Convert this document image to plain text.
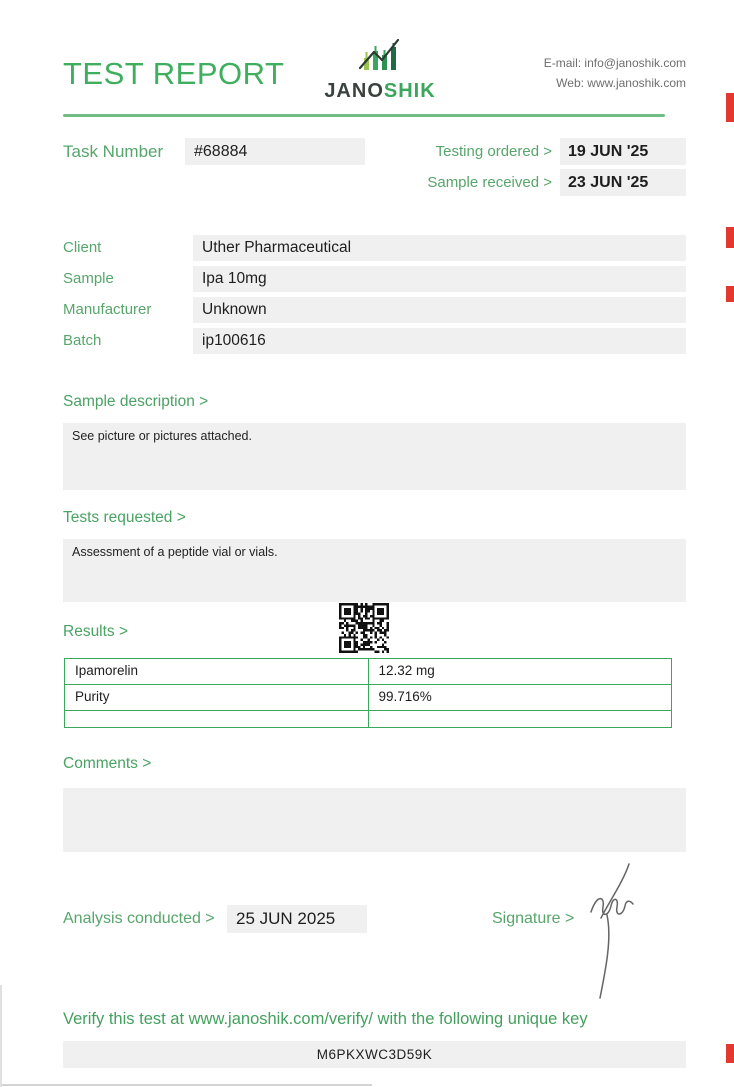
TEST REPORT JANOSHIK
E-mail: info@janoshik.com
Web: www.janoshik.com
Task Number	#68884	Testing ordered >	19 JUN '25
Sample received >	23 JUN '25
Client	Uther Pharmaceutical
Sample	Ipa 10mg
Manufacturer	Unknown
Batch	ip100616
Sample description >
See picture or pictures attached.
Tests requested >
Assessment of a peptide vial or vials.
Results >
Ipamorelin	12.32 mg
Purity	99.716%
Comments >
Analysis conducted >	25 JUN 2025	Signature >
Verify this test at www.janoshik.com/verify/ with the following unique key
M6PKXWC3D59K
